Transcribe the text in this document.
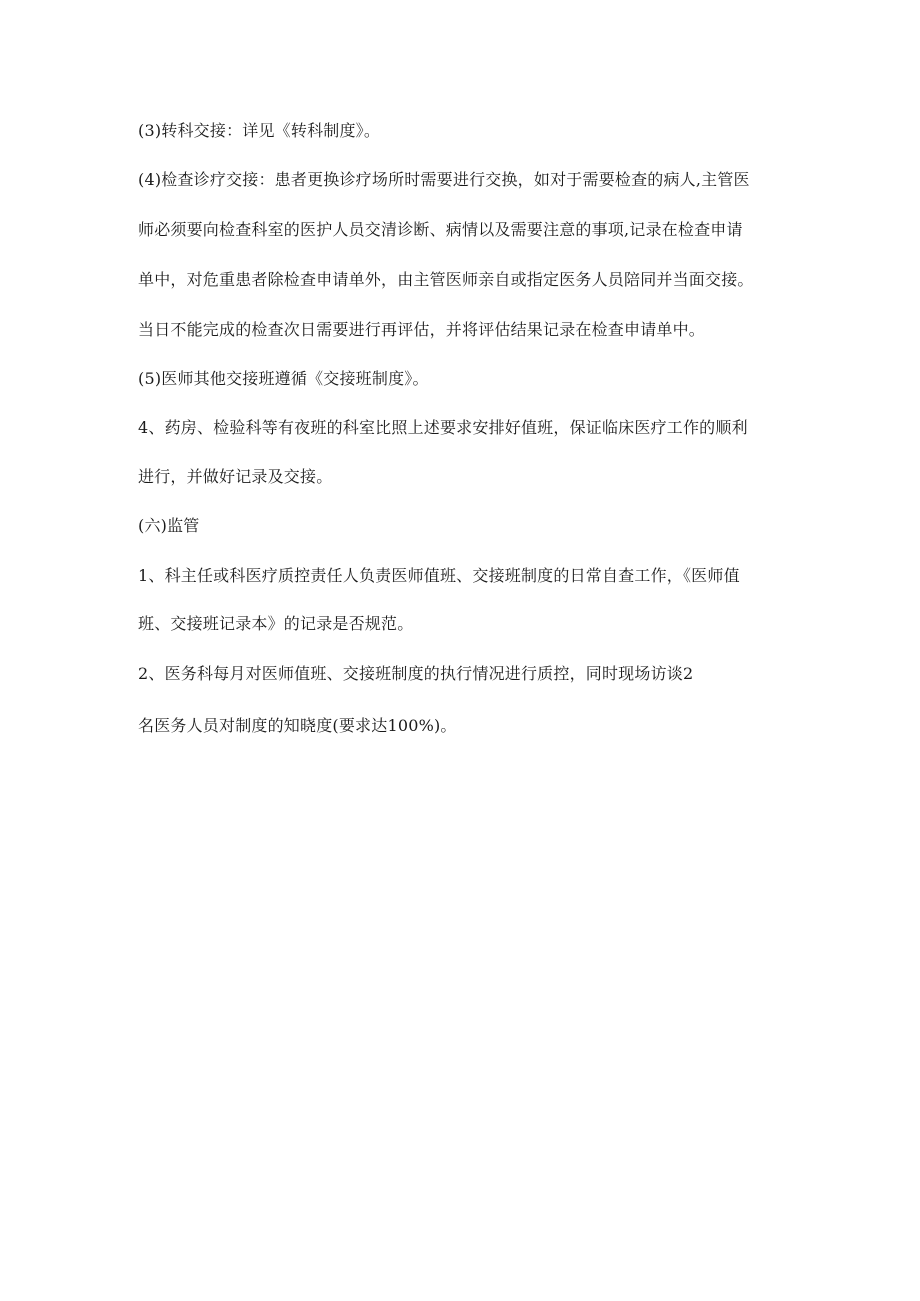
(3)转科交接：详见《转科制度》。

(4)检查诊疗交接：患者更换诊疗场所时需要进行交换，如对于需要检查的病人,主管医

师必须要向检查科室的医护人员交清诊断、病情以及需要注意的事项,记录在检查申请

单中，对危重患者除检查申请单外，由主管医师亲自或指定医务人员陪同并当面交接。

当日不能完成的检查次日需要进行再评估，并将评估结果记录在检查申请单中。

(5)医师其他交接班遵循《交接班制度》。

4、药房、检验科等有夜班的科室比照上述要求安排好值班，保证临床医疗工作的顺利

进行，并做好记录及交接。

(六)监管

1、科主任或科医疗质控责任人负责医师值班、交接班制度的日常自查工作，《医师值

班、交接班记录本》的记录是否规范。

2、医务科每月对医师值班、交接班制度的执行情况进行质控，同时现场访谈2

名医务人员对制度的知晓度(要求达100%)。
